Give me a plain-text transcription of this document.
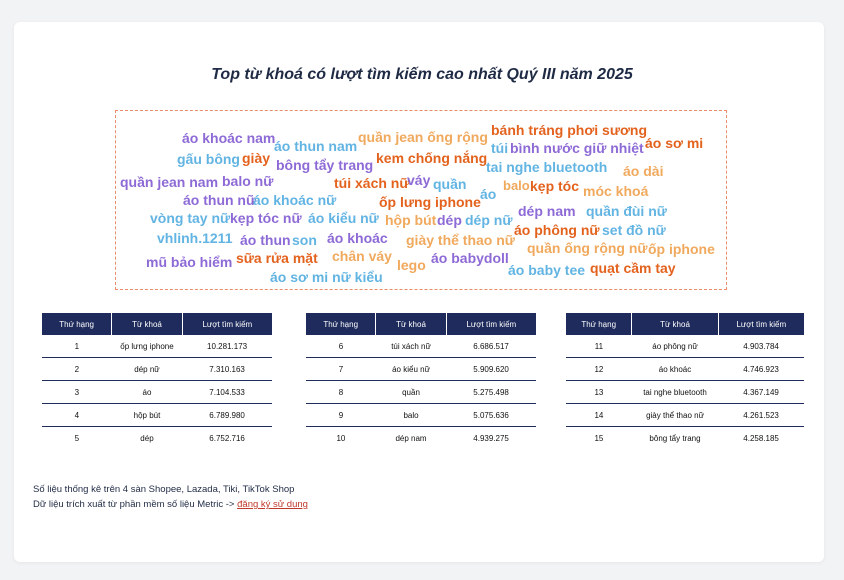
Top từ khoá có lượt tìm kiếm cao nhất Quý III năm 2025
áo khoác nam
áo thun nam
quần jean ống rộng bánh tráng phơi sương
áo sơ mi
gấu bông giày bông tẩy trang kem chống nắng
túi bình nước giữ nhiệt
tai nghe bluetooth áo dài
quần jean nam balo nữ	túi xách nữ
váy quần	balo kẹp tóc móc khoá
áo
áo thun nữ
áo khoác nữ	ốp lưng iphone
vòng tay nữ kẹp tóc nữ áo kiểu nữ hộp bút dép dép nữ
dép nam quần đùi nữ
vhlinh.1211 áo thun son áo khoác giày thể thao nữ
áo phông nữ set đồ nữ
mũ bảo hiểm sữa rửa mặt chân váy
lego áo babydoll
quần ống rộng nữ ốp iphone
áo baby tee quạt cầm tay
áo sơ mi nữ kiểu
Thứ hạng	Từ khoá	Lượt tìm kiếm
1	ốp lưng iphone	10.281.173
2	dép nữ	7.310.163
3	áo	7.104.533
4	hộp bút	6.789.980
5	dép	6.752.716
Thứ hạng	Từ khoá	Lượt tìm kiếm
6	túi xách nữ	6.686.517
7	áo kiểu nữ	5.909.620
8	quần	5.275.498
9	balo	5.075.636
10	dép nam	4.939.275
Thứ hạng	Từ khoá	Lượt tìm kiếm
11	áo phông nữ	4.903.784
12	áo khoác	4.746.923
13	tai nghe bluetooth	4.367.149
14	giày thể thao nữ	4.261.523
15	bông tẩy trang	4.258.185
Số liệu thống kê trên 4 sàn Shopee, Lazada, Tiki, TikTok Shop
Dữ liệu trích xuất từ phần mềm số liệu Metric -> đăng ký sử dụng
